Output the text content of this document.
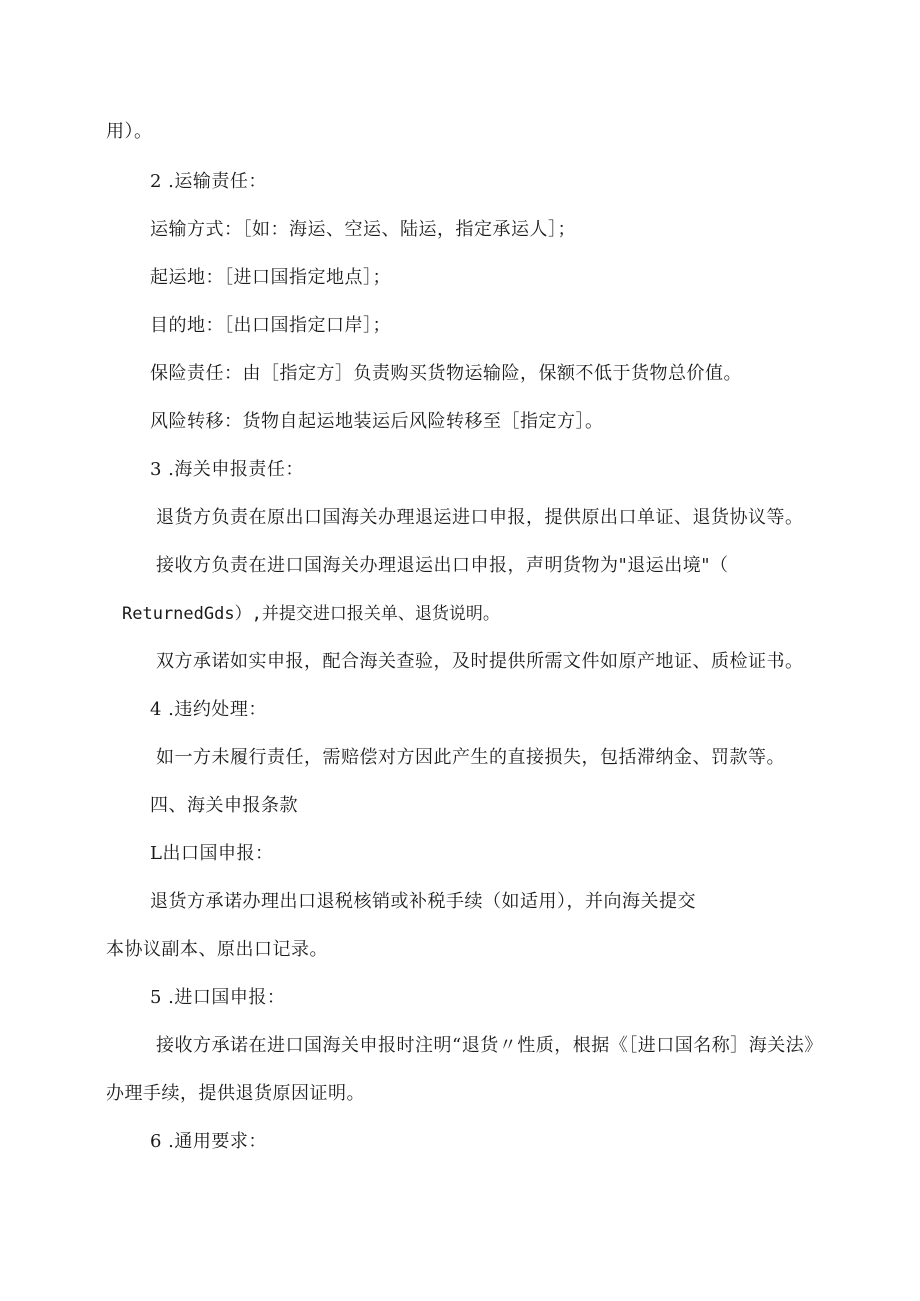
用）。

2 .运输责任：

运输方式：［如：海运、空运、陆运，指定承运人］；

起运地：［进口国指定地点］；

目的地：［出口国指定口岸］；

保险责任：由［指定方］负责购买货物运输险，保额不低于货物总价值。

风险转移：货物自起运地装运后风险转移至［指定方］。

3 .海关申报责任：

退货方负责在原出口国海关办理退运进口申报，提供原出口单证、退货协议等。

接收方负责在进口国海关办理退运出口申报，声明货物为"退运出境"（

ReturnedGds）,并提交进口报关单、退货说明。

双方承诺如实申报，配合海关查验，及时提供所需文件如原产地证、质检证书。

4 .违约处理：

如一方未履行责任，需赔偿对方因此产生的直接损失，包括滞纳金、罚款等。

四、海关申报条款

L出口国申报：

退货方承诺办理出口退税核销或补税手续（如适用），并向海关提交

本协议副本、原出口记录。

5 .进口国申报：

接收方承诺在进口国海关申报时注明“退货〃性质，根据《［进口国名称］海关法》

办理手续，提供退货原因证明。

6 .通用要求：
